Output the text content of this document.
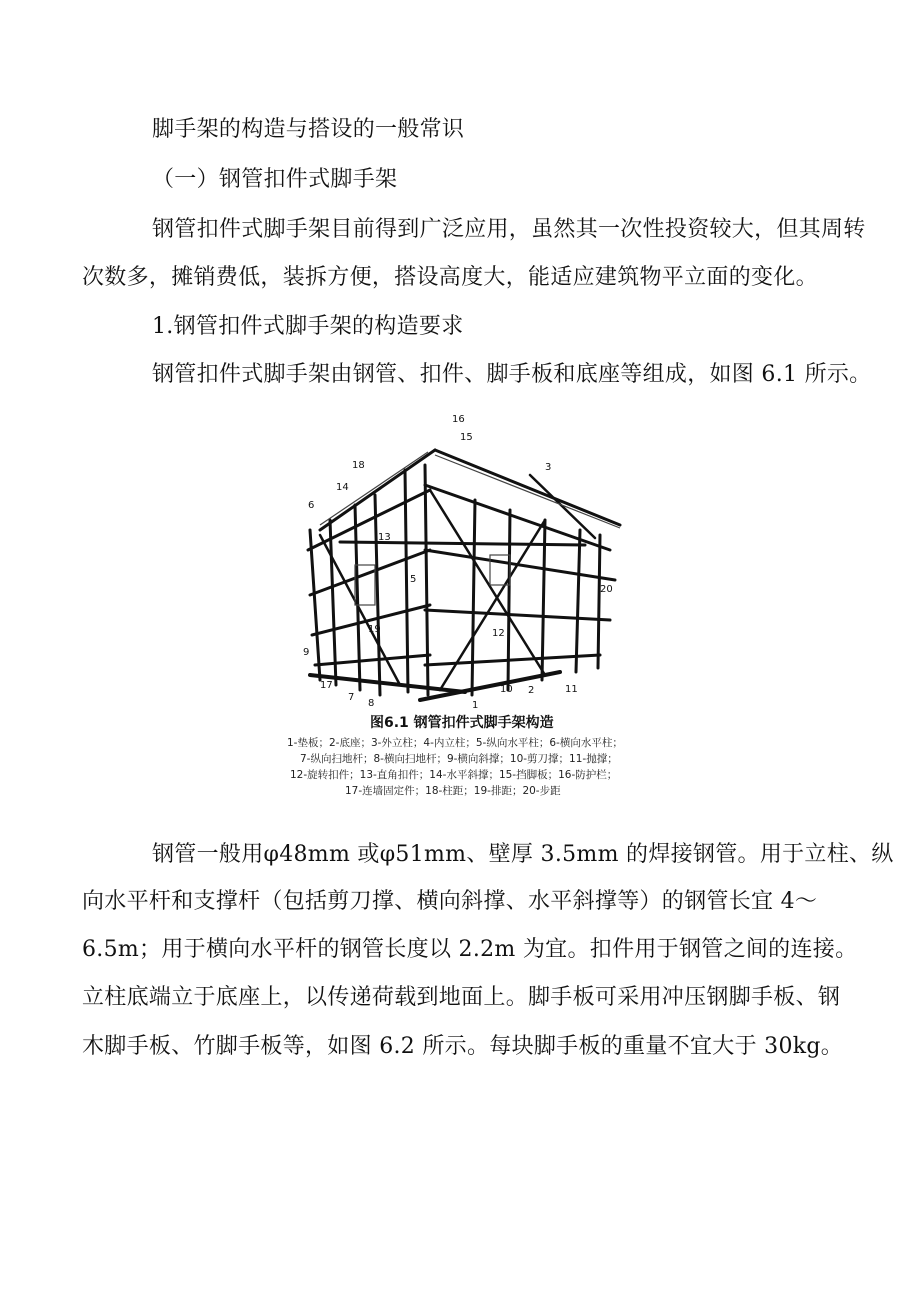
脚手架的构造与搭设的一般常识
（一）钢管扣件式脚手架
钢管扣件式脚手架目前得到广泛应用，虽然其一次性投资较大，但其周转
次数多，摊销费低，装拆方便，搭设高度大，能适应建筑物平立面的变化。
1.钢管扣件式脚手架的构造要求
钢管扣件式脚手架由钢管、扣件、脚手板和底座等组成，如图 6.1 所示。
16
15
18	3
14
6
13
5
20
19	12
9
17
7
8
10 2	11
1
图6.1 钢管扣件式脚手架构造
1-垫板；2-底座；3-外立柱；4-内立柱；5-纵向水平柱；6-横向水平柱；
7-纵向扫地杆；8-横向扫地杆；9-横向斜撑；10-剪刀撑；11-抛撑；
12-旋转扣件；13-直角扣件；14-水平斜撑；15-挡脚板；16-防护栏；
17-连墙固定件；18-柱距；19-排距；20-步距
钢管一般用φ48mm 或φ51mm、壁厚 3.5mm 的焊接钢管。用于立柱、纵
向水平杆和支撑杆（包括剪刀撑、横向斜撑、水平斜撑等）的钢管长宜 4～
6.5m；用于横向水平杆的钢管长度以 2.2m 为宜。扣件用于钢管之间的连接。
立柱底端立于底座上，以传递荷载到地面上。脚手板可采用冲压钢脚手板、钢
木脚手板、竹脚手板等，如图 6.2 所示。每块脚手板的重量不宜大于 30kg。
